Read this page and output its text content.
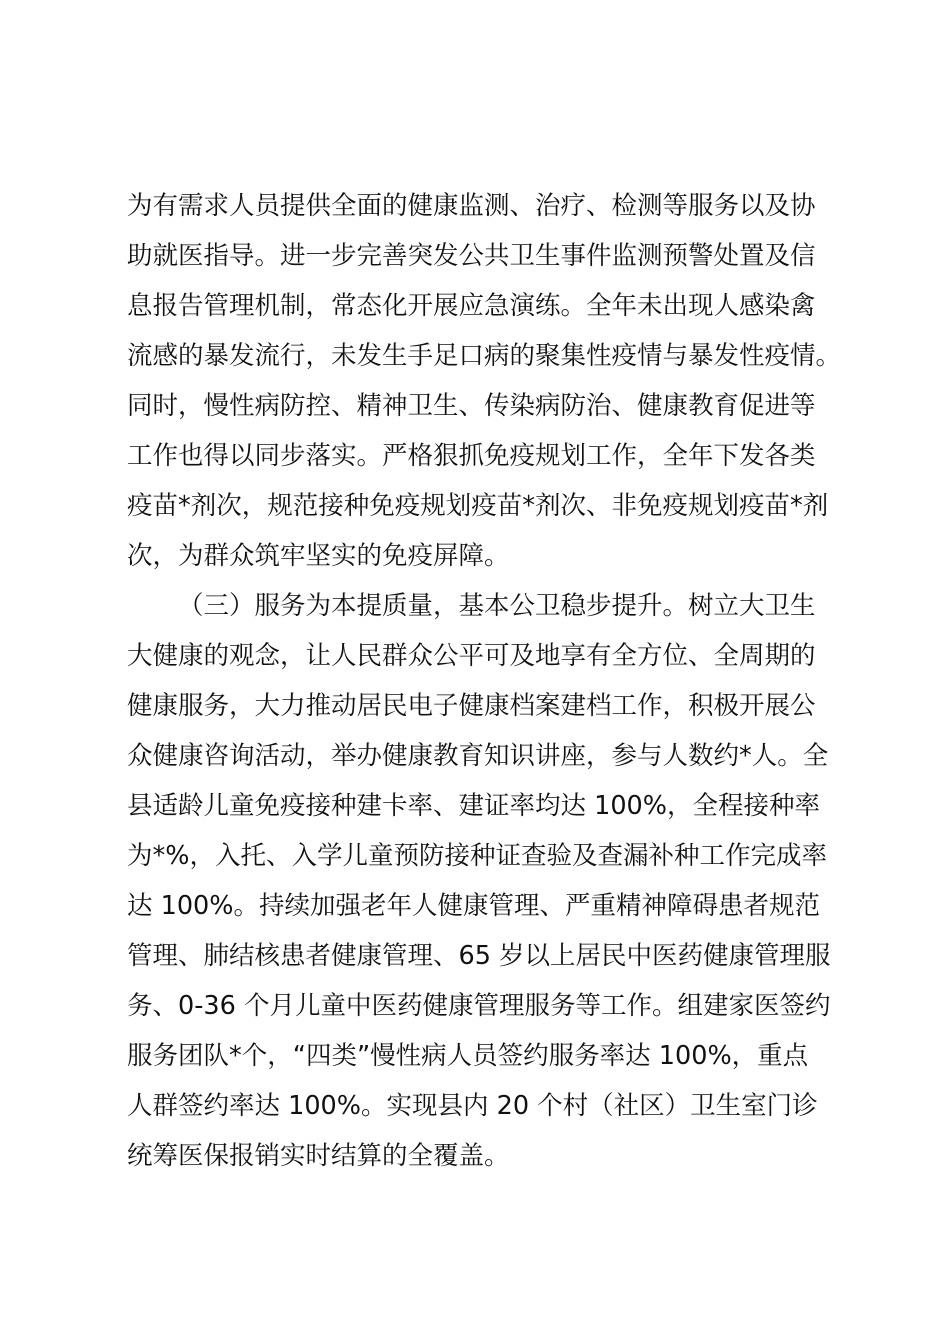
为有需求人员提供全面的健康监测、治疗、检测等服务以及协
助就医指导。进一步完善突发公共卫生事件监测预警处置及信
息报告管理机制，常态化开展应急演练。全年未出现人感染禽
流感的暴发流行，未发生手足口病的聚集性疫情与暴发性疫情。
同时，慢性病防控、精神卫生、传染病防治、健康教育促进等
工作也得以同步落实。严格狠抓免疫规划工作，全年下发各类
疫苗*剂次，规范接种免疫规划疫苗*剂次、非免疫规划疫苗*剂
次，为群众筑牢坚实的免疫屏障。
（三）服务为本提质量，基本公卫稳步提升。树立大卫生
大健康的观念，让人民群众公平可及地享有全方位、全周期的
健康服务，大力推动居民电子健康档案建档工作，积极开展公
众健康咨询活动，举办健康教育知识讲座，参与人数约*人。全
县适龄儿童免疫接种建卡率、建证率均达 100%，全程接种率
为*%，入托、入学儿童预防接种证查验及查漏补种工作完成率
达 100%。持续加强老年人健康管理、严重精神障碍患者规范
管理、肺结核患者健康管理、65 岁以上居民中医药健康管理服
务、0-36 个月儿童中医药健康管理服务等工作。组建家医签约
服务团队*个，“四类”慢性病人员签约服务率达 100%，重点
人群签约率达 100%。实现县内 20 个村（社区）卫生室门诊
统筹医保报销实时结算的全覆盖。
